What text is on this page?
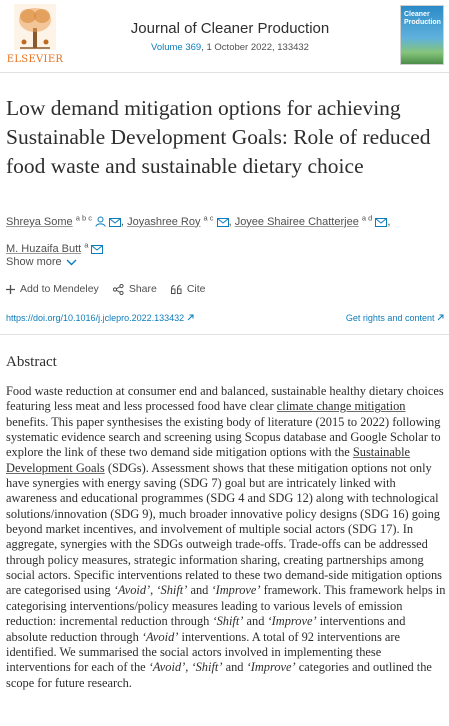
ELSEVIER
Journal of Cleaner Production
Volume 369, 1 October 2022, 133432
Cleaner Production
Low demand mitigation options for achieving Sustainable Development Goals: Role of reduced food waste and sustainable dietary choice
Shreya Some $^{a b c}$	, Joyashree Roy $^{a c}$ , Joyee Shairee Chatterjee $^{a d}$ , M. Huzaifa Butt $^a$
Show more
Add to Mendeley	Share	Cite
https://doi.org/10.1016/j.jclepro.2022.133432	Get rights and content
Abstract

Food waste reduction at consumer end and balanced, sustainable healthy dietary choices featuring less meat and less processed food have clear climate change mitigation benefits. This paper synthesises the existing body of literature (2015 to 2022) following systematic evidence search and screening using Scopus database and Google Scholar to explore the link of these two demand side mitigation options with the Sustainable Development Goals (SDGs). Assessment shows that these mitigation options not only have synergies with energy saving (SDG 7) goal but are intricately linked with awareness and educational programmes (SDG 4 and SDG 12) along with technological solutions/innovation (SDG 9), much broader innovative policy designs (SDG 16) going beyond market incentives, and involvement of multiple social actors (SDG 17). In aggregate, synergies with the SDGs outweigh trade-offs. Trade-offs can be addressed through policy measures, strategic information sharing, creating partnerships among social actors. Specific interventions related to these two demand-side mitigation options are categorised using ‘Avoid’, ‘Shift’ and ‘Improve’ framework. This framework helps in categorising interventions/policy measures leading to various levels of emission reduction: incremental reduction through ‘Shift’ and ‘Improve’ interventions and absolute reduction through ‘Avoid’ interventions. A total of 92 interventions are identified. We summarised the social actors involved in implementing these interventions for each of the ‘Avoid’, ‘Shift’ and ‘Improve’ categories and outlined the scope for future research.
